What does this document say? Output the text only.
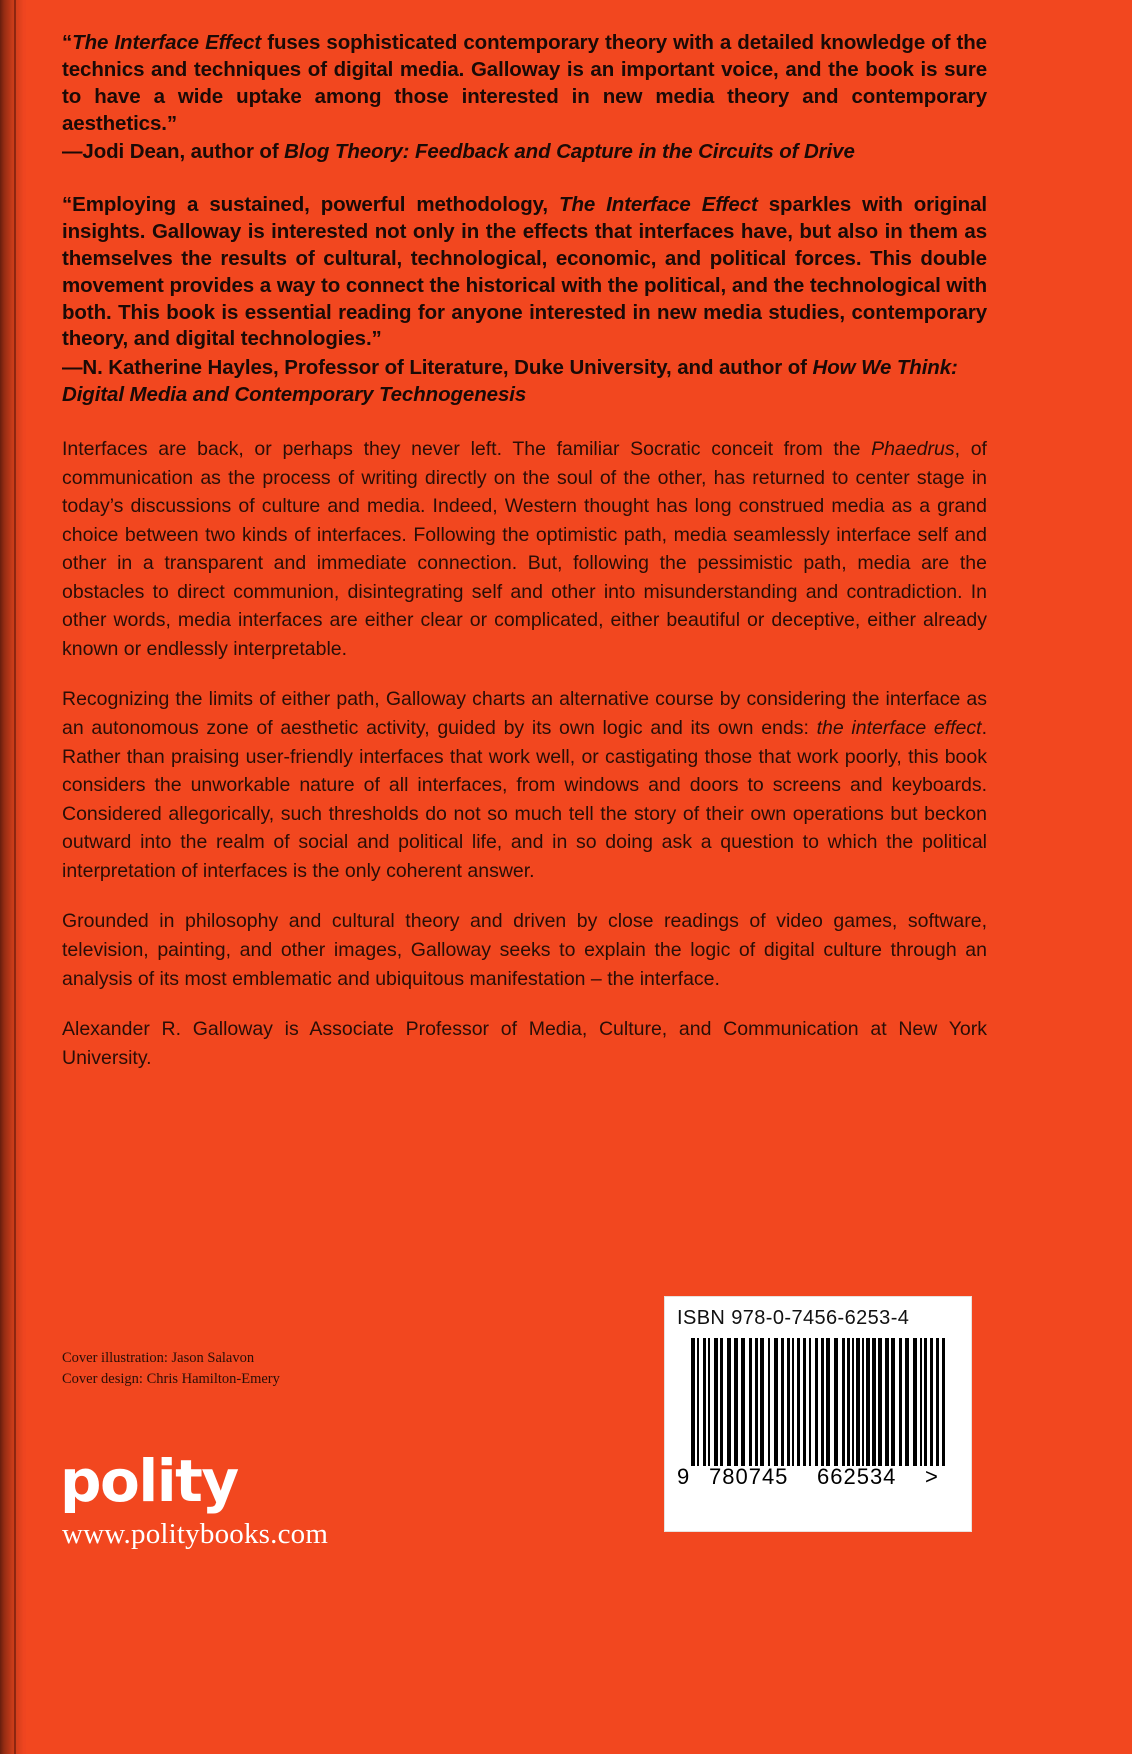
“The Interface Effect fuses sophisticated contemporary theory with a detailed knowledge of the technics and techniques of digital media. Galloway is an important voice, and the book is sure to have a wide uptake among those interested in new media theory and contemporary aesthetics.”
—Jodi Dean, author of Blog Theory: Feedback and Capture in the Circuits of Drive
“Employing a sustained, powerful methodology, The Interface Effect sparkles with original insights. Galloway is interested not only in the effects that interfaces have, but also in them as themselves the results of cultural, technological, economic, and political forces. This double movement provides a way to connect the historical with the political, and the technological with both. This book is essential reading for anyone interested in new media studies, contemporary theory, and digital technologies.”
—N. Katherine Hayles, Professor of Literature, Duke University, and author of How We Think: Digital Media and Contemporary Technogenesis

Interfaces are back, or perhaps they never left. The familiar Socratic conceit from the Phaedrus, of communication as the process of writing directly on the soul of the other, has returned to center stage in today’s discussions of culture and media. Indeed, Western thought has long construed media as a grand choice between two kinds of interfaces. Following the optimistic path, media seamlessly interface self and other in a transparent and immediate connection. But, following the pessimistic path, media are the obstacles to direct communion, disintegrating self and other into misunderstanding and contradiction. In other words, media interfaces are either clear or complicated, either beautiful or deceptive, either already known or endlessly interpretable.

Recognizing the limits of either path, Galloway charts an alternative course by considering the interface as an autonomous zone of aesthetic activity, guided by its own logic and its own ends: the interface effect. Rather than praising user-friendly interfaces that work well, or castigating those that work poorly, this book considers the unworkable nature of all interfaces, from windows and doors to screens and keyboards. Considered allegorically, such thresholds do not so much tell the story of their own operations but beckon outward into the realm of social and political life, and in so doing ask a question to which the political interpretation of interfaces is the only coherent answer.

Grounded in philosophy and cultural theory and driven by close readings of video games, software, television, painting, and other images, Galloway seeks to explain the logic of digital culture through an analysis of its most emblematic and ubiquitous manifestation – the interface.

Alexander R. Galloway is Associate Professor of Media, Culture, and Communication at New York University.

Cover illustration: Jason Salavon
Cover design: Chris Hamilton-Emery
polity
www.politybooks.com
ISBN 978-0-7456-6253-4
9 780745 662534 >
